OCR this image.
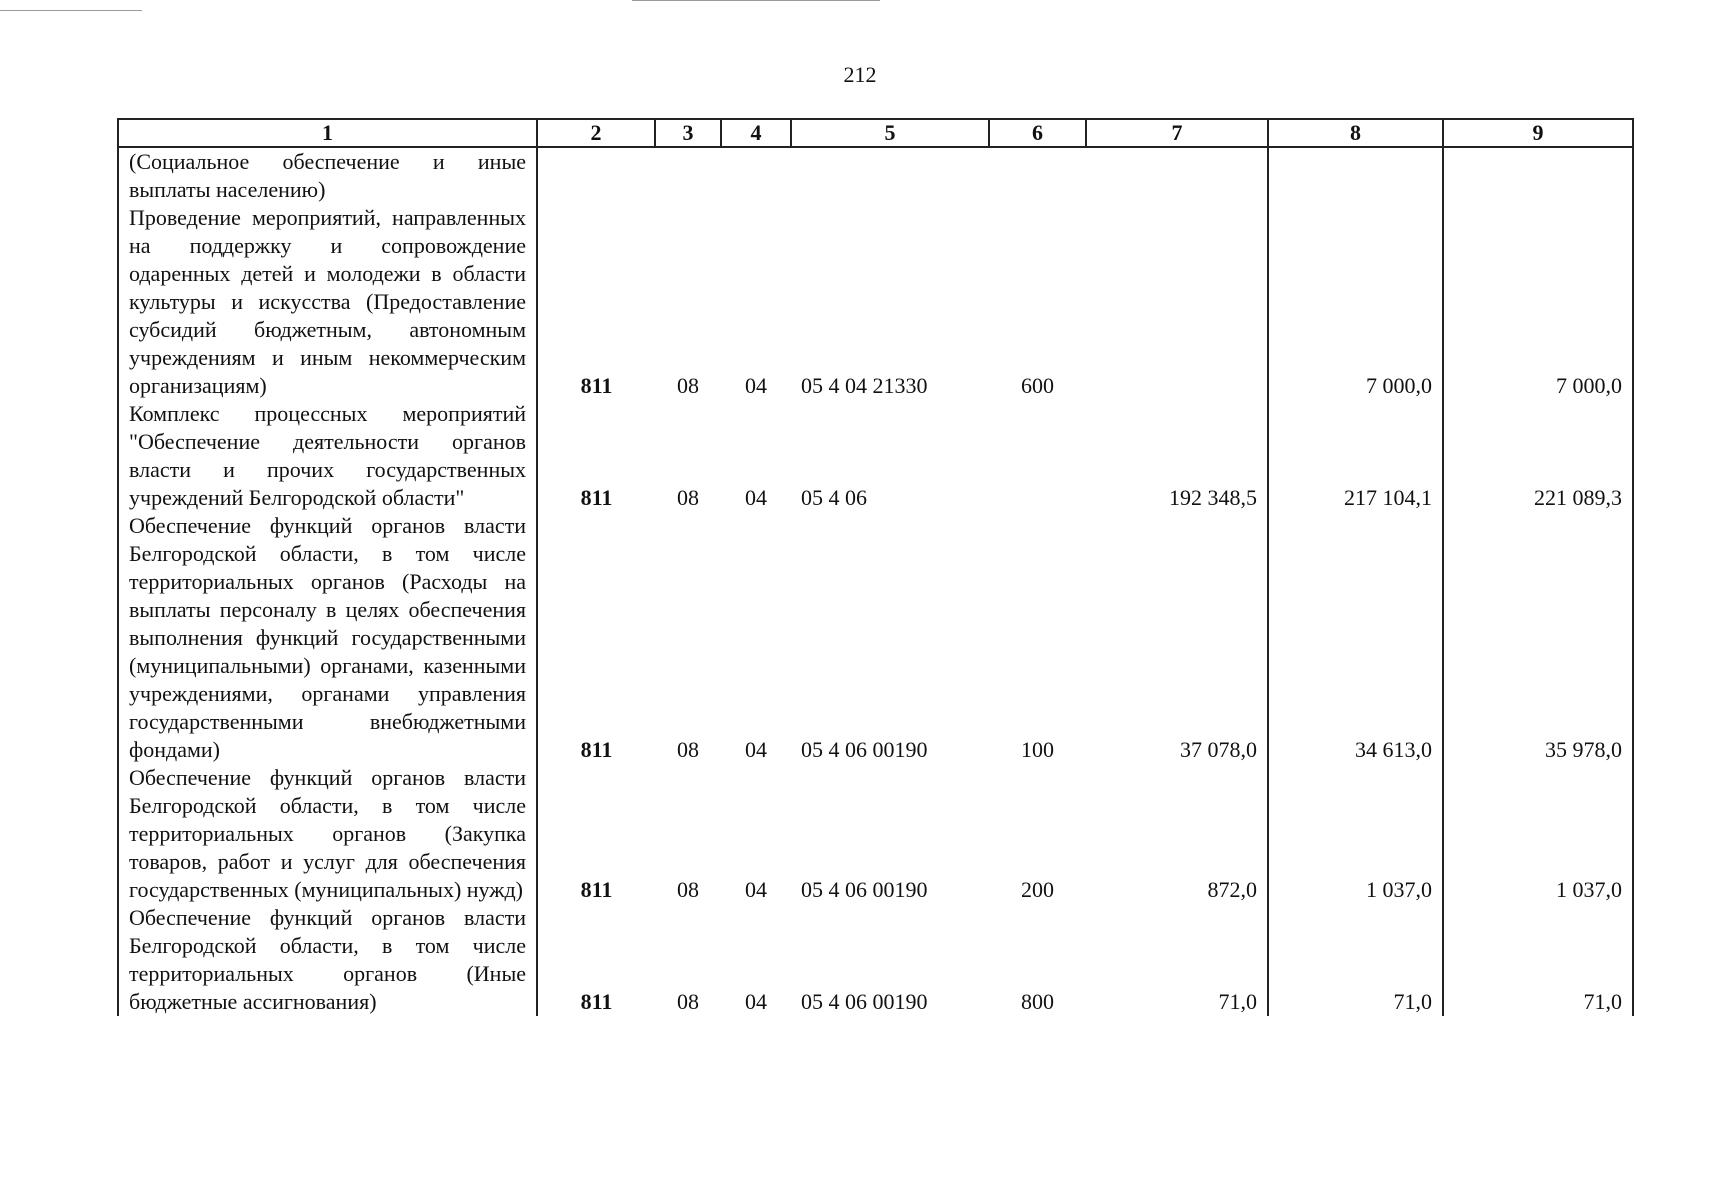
212
1	2	3	4	5	6	7	8	9
(Социальное обеспечение и иные выплаты населению)								
Проведение мероприятий, направленных на поддержку и сопровождение одаренных детей и молодежи в области культуры и искусства (Предоставление субсидий бюджетным, автономным учреждениям и иным некоммерческим организациям)	811	08	04	05 4 04 21330	600		7 000,0	7 000,0
Комплекс процессных мероприятий "Обеспечение деятельности органов власти и прочих государственных учреждений Белгородской области"	811	08	04	05 4 06		192 348,5	217 104,1	221 089,3
Обеспечение функций органов власти Белгородской области, в том числе территориальных органов (Расходы на выплаты персоналу в целях обеспечения выполнения функций государственными (муниципальными) органами, казенными учреждениями, органами управления государственными внебюджетными фондами)	811	08	04	05 4 06 00190	100	37 078,0	34 613,0	35 978,0
Обеспечение функций органов власти Белгородской области, в том числе территориальных органов (Закупка товаров, работ и услуг для обеспечения государственных (муниципальных) нужд)	811	08	04	05 4 06 00190	200	872,0	1 037,0	1 037,0
Обеспечение функций органов власти Белгородской области, в том числе территориальных органов (Иные бюджетные ассигнования)	811	08	04	05 4 06 00190	800	71,0	71,0	71,0
